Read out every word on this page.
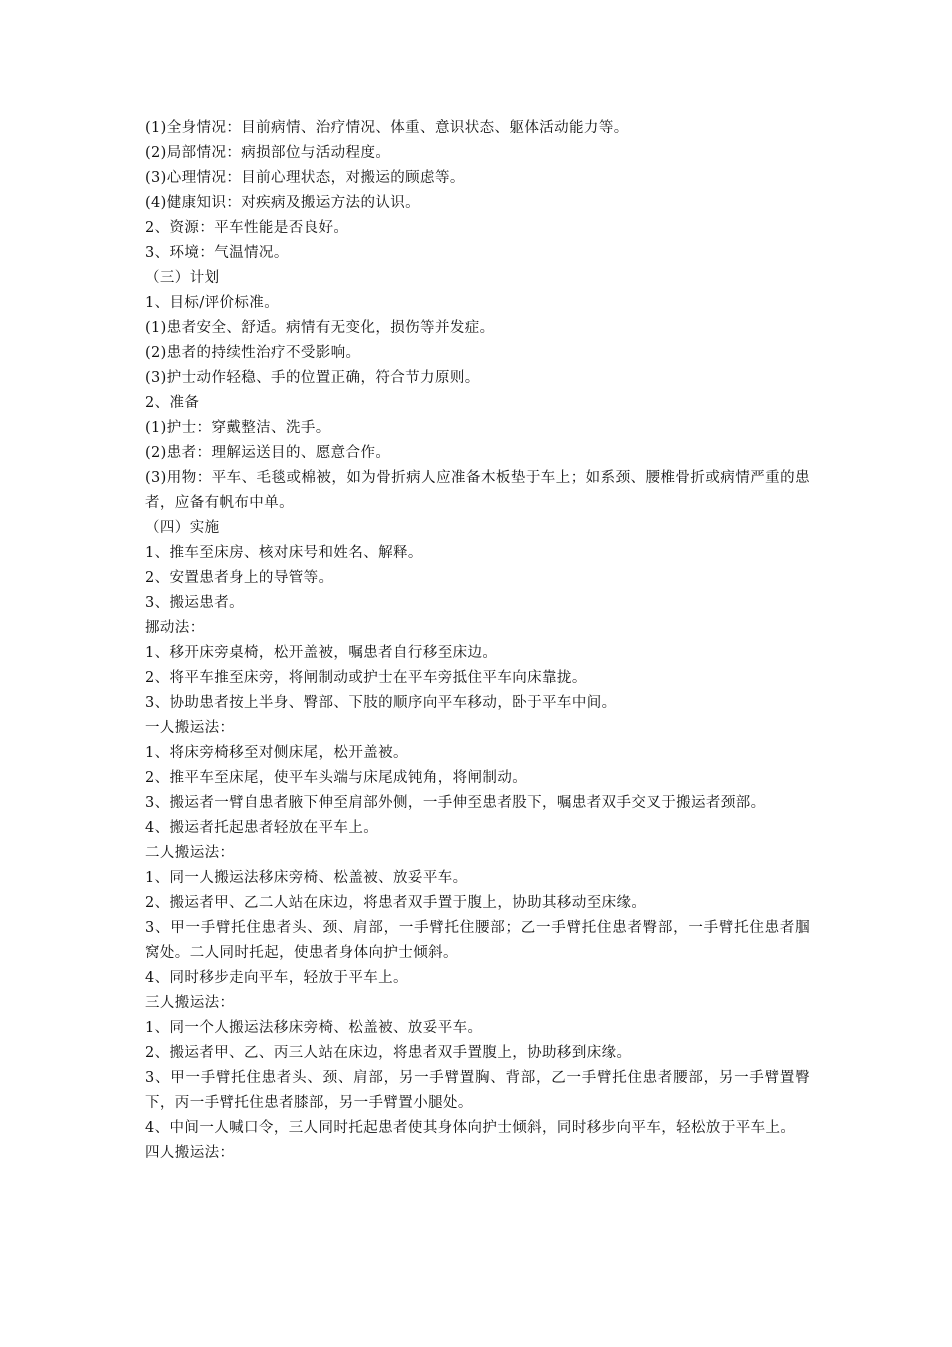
(1)全身情况：目前病情、治疗情况、体重、意识状态、躯体活动能力等。
(2)局部情况：病损部位与活动程度。
(3)心理情况：目前心理状态，对搬运的顾虑等。
(4)健康知识：对疾病及搬运方法的认识。
2、资源：平车性能是否良好。
3、环境：气温情况。
（三）计划
1、目标/评价标准。
(1)患者安全、舒适。病情有无变化，损伤等并发症。
(2)患者的持续性治疗不受影响。
(3)护士动作轻稳、手的位置正确，符合节力原则。
2、准备
(1)护士：穿戴整洁、洗手。
(2)患者：理解运送目的、愿意合作。
(3)用物：平车、毛毯或棉被，如为骨折病人应准备木板垫于车上；如系颈、腰椎骨折或病情严重的患者，应备有帆布中单。
（四）实施
1、推车至床房、核对床号和姓名、解释。
2、安置患者身上的导管等。
3、搬运患者。
挪动法：
1、移开床旁桌椅，松开盖被，嘱患者自行移至床边。
2、将平车推至床旁，将闸制动或护士在平车旁抵住平车向床靠拢。
3、协助患者按上半身、臀部、下肢的顺序向平车移动，卧于平车中间。
一人搬运法：
1、将床旁椅移至对侧床尾，松开盖被。
2、推平车至床尾，使平车头端与床尾成钝角，将闸制动。
3、搬运者一臂自患者腋下伸至肩部外侧，一手伸至患者股下，嘱患者双手交叉于搬运者颈部。
4、搬运者托起患者轻放在平车上。
二人搬运法：
1、同一人搬运法移床旁椅、松盖被、放妥平车。
2、搬运者甲、乙二人站在床边，将患者双手置于腹上，协助其移动至床缘。
3、甲一手臂托住患者头、颈、肩部，一手臂托住腰部；乙一手臂托住患者臀部，一手臂托住患者腘窝处。二人同时托起，使患者身体向护士倾斜。
4、同时移步走向平车，轻放于平车上。
三人搬运法：
1、同一个人搬运法移床旁椅、松盖被、放妥平车。
2、搬运者甲、乙、丙三人站在床边，将患者双手置腹上，协助移到床缘。
3、甲一手臂托住患者头、颈、肩部，另一手臂置胸、背部，乙一手臂托住患者腰部，另一手臂置臀下，丙一手臂托住患者膝部，另一手臂置小腿处。
4、中间一人喊口令，三人同时托起患者使其身体向护士倾斜，同时移步向平车，轻松放于平车上。
四人搬运法：
